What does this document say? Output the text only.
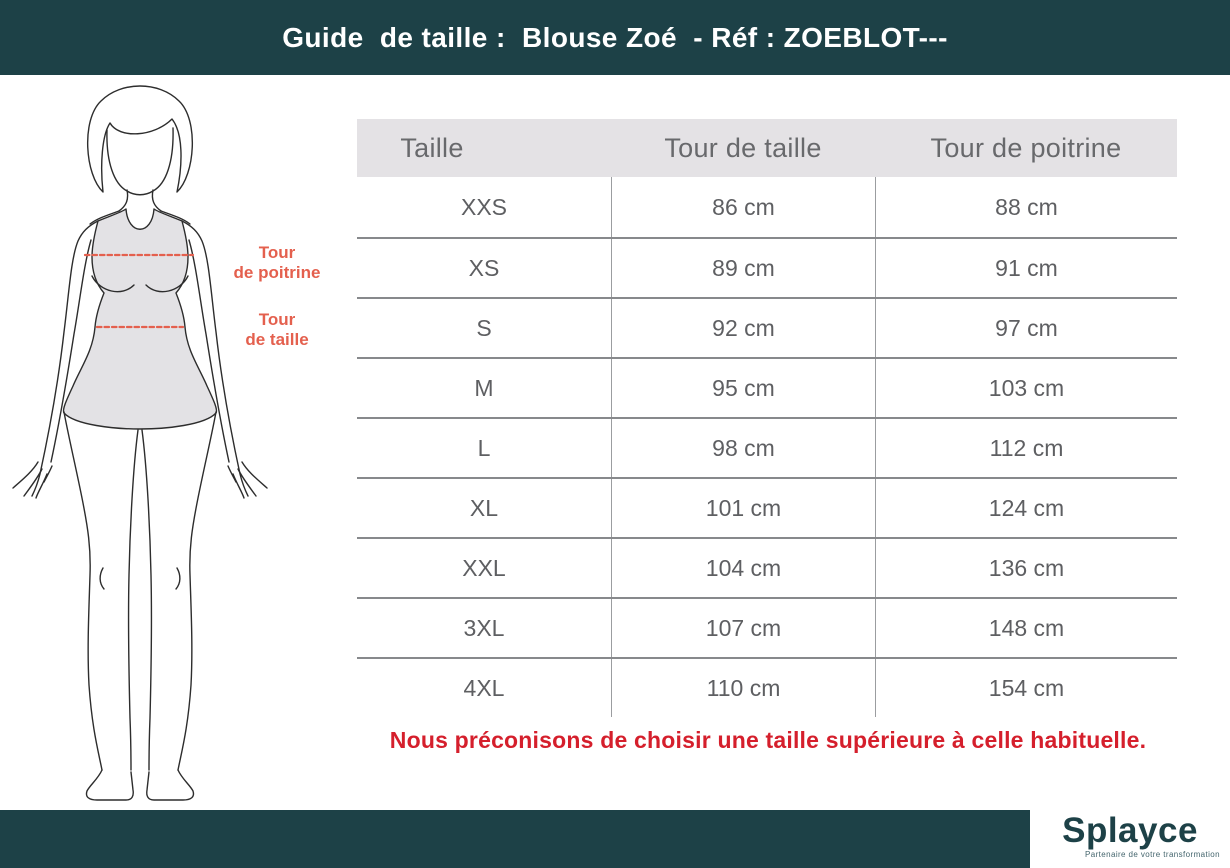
Guide  de taille :  Blouse Zoé  - Réf : ZOEBLOT---
Tour
de poitrine
Tour
de taille
Taille	Tour de taille	Tour de poitrine
XXS	86 cm	88 cm
XS	89 cm	91 cm
S	92 cm	97 cm
M	95 cm	103 cm
L	98 cm	112 cm
XL	101 cm	124 cm
XXL	104 cm	136 cm
3XL	107 cm	148 cm
4XL	110 cm	154 cm
Nous préconisons de choisir une taille supérieure à celle habituelle.
Splayce
Partenaire de votre transformation
